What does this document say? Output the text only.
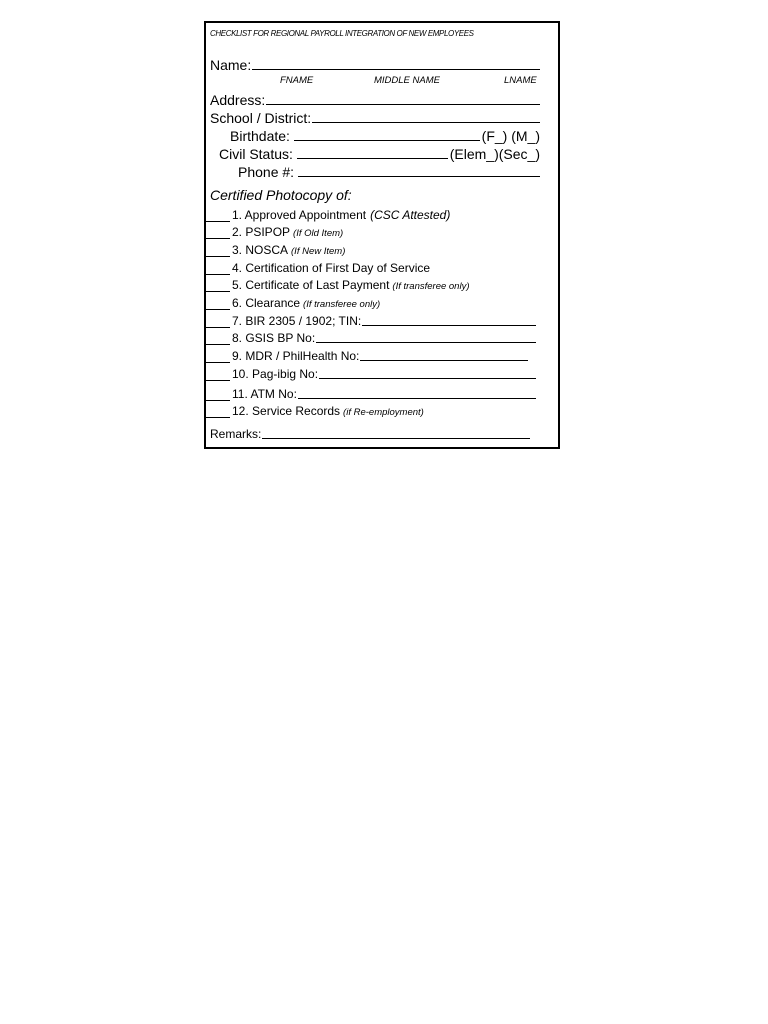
CHECKLIST FOR REGIONAL PAYROLL INTEGRATION OF NEW EMPLOYEES
Name:
FNAME	MIDDLE NAME	LNAME
Address:
School / District:
Birthdate:	(F_) (M_)
Civil Status:	(Elem_)(Sec_)
Phone #:
Certified Photocopy of:
1. Approved Appointment (CSC Attested)
2. PSIPOP (If Old Item)
3. NOSCA (If New Item)
4. Certification of First Day of Service
5. Certificate of Last Payment (If transferee only)
6. Clearance (If transferee only)
7. BIR 2305 / 1902; TIN:
8. GSIS BP No:
9. MDR / PhilHealth No:
10. Pag-ibig No:
11. ATM No:
12. Service Records (if Re-employment)
Remarks:
